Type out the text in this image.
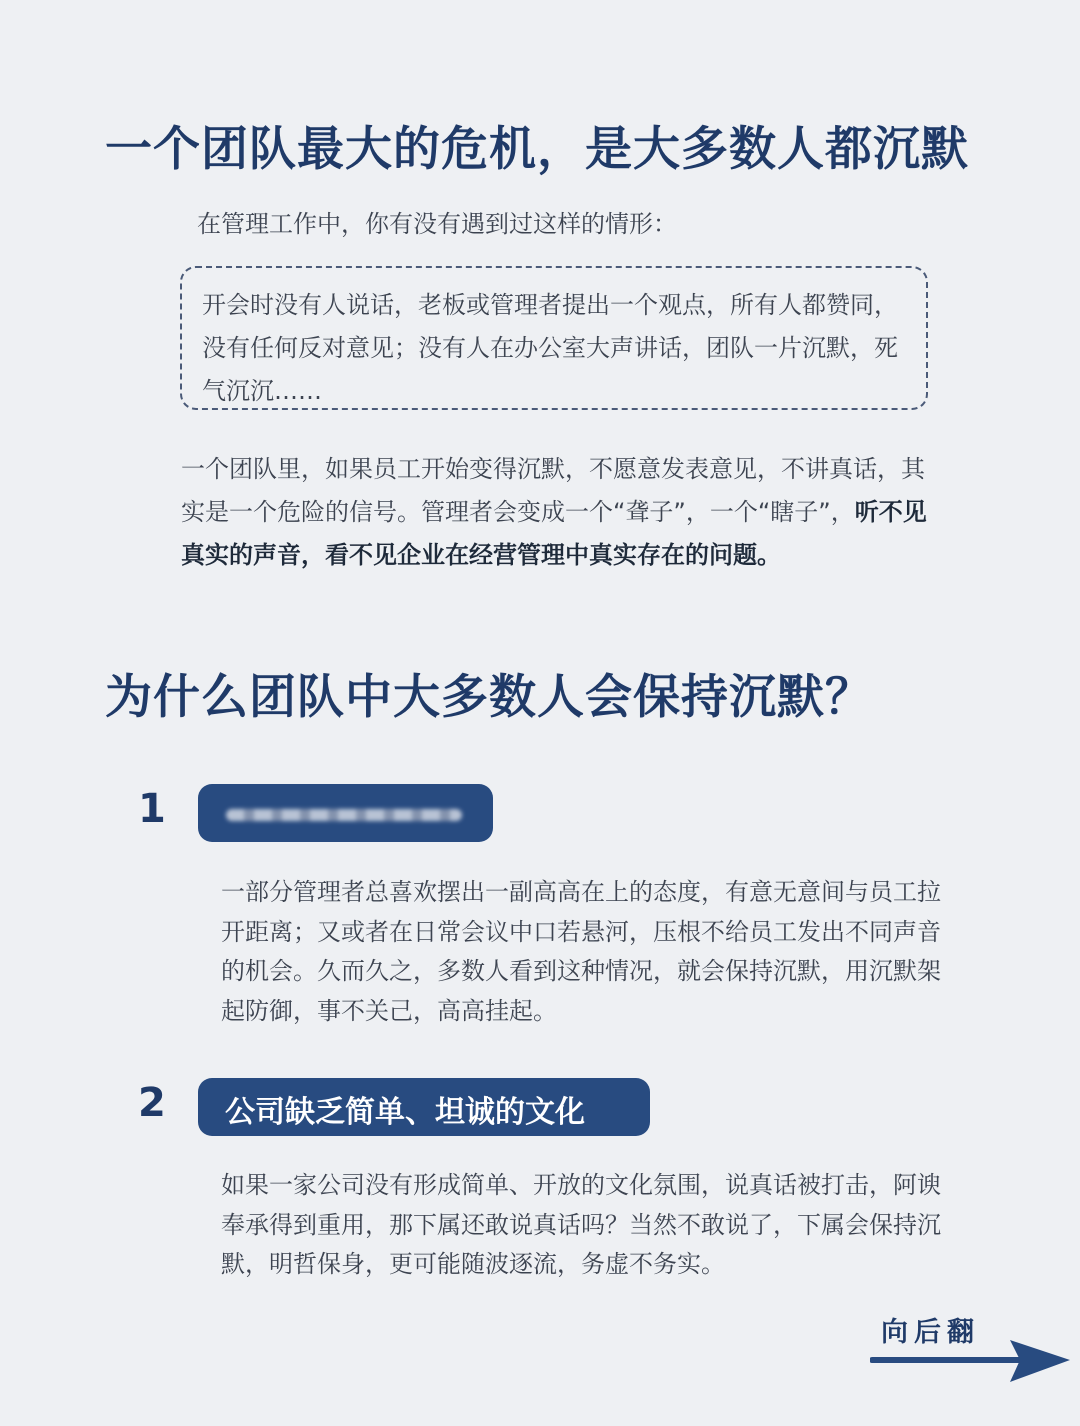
一个团队最大的危机，是大多数人都沉默
在管理工作中，你有没有遇到过这样的情形：
开会时没有人说话，老板或管理者提出一个观点，所有人都赞同，没有任何反对意见；没有人在办公室大声讲话，团队一片沉默，死气沉沉……
一个团队里，如果员工开始变得沉默，不愿意发表意见，不讲真话，其实是一个危险的信号。管理者会变成一个“聋子”，一个“瞎子”，听不见真实的声音，看不见企业在经营管理中真实存在的问题。
为什么团队中大多数人会保持沉默？
1
一部分管理者总喜欢摆出一副高高在上的态度，有意无意间与员工拉开距离；又或者在日常会议中口若悬河，压根不给员工发出不同声音的机会。久而久之，多数人看到这种情况，就会保持沉默，用沉默架起防御，事不关己，高高挂起。
2	公司缺乏简单、坦诚的文化
如果一家公司没有形成简单、开放的文化氛围，说真话被打击，阿谀奉承得到重用，那下属还敢说真话吗？当然不敢说了，下属会保持沉默，明哲保身，更可能随波逐流，务虚不务实。
向后翻
